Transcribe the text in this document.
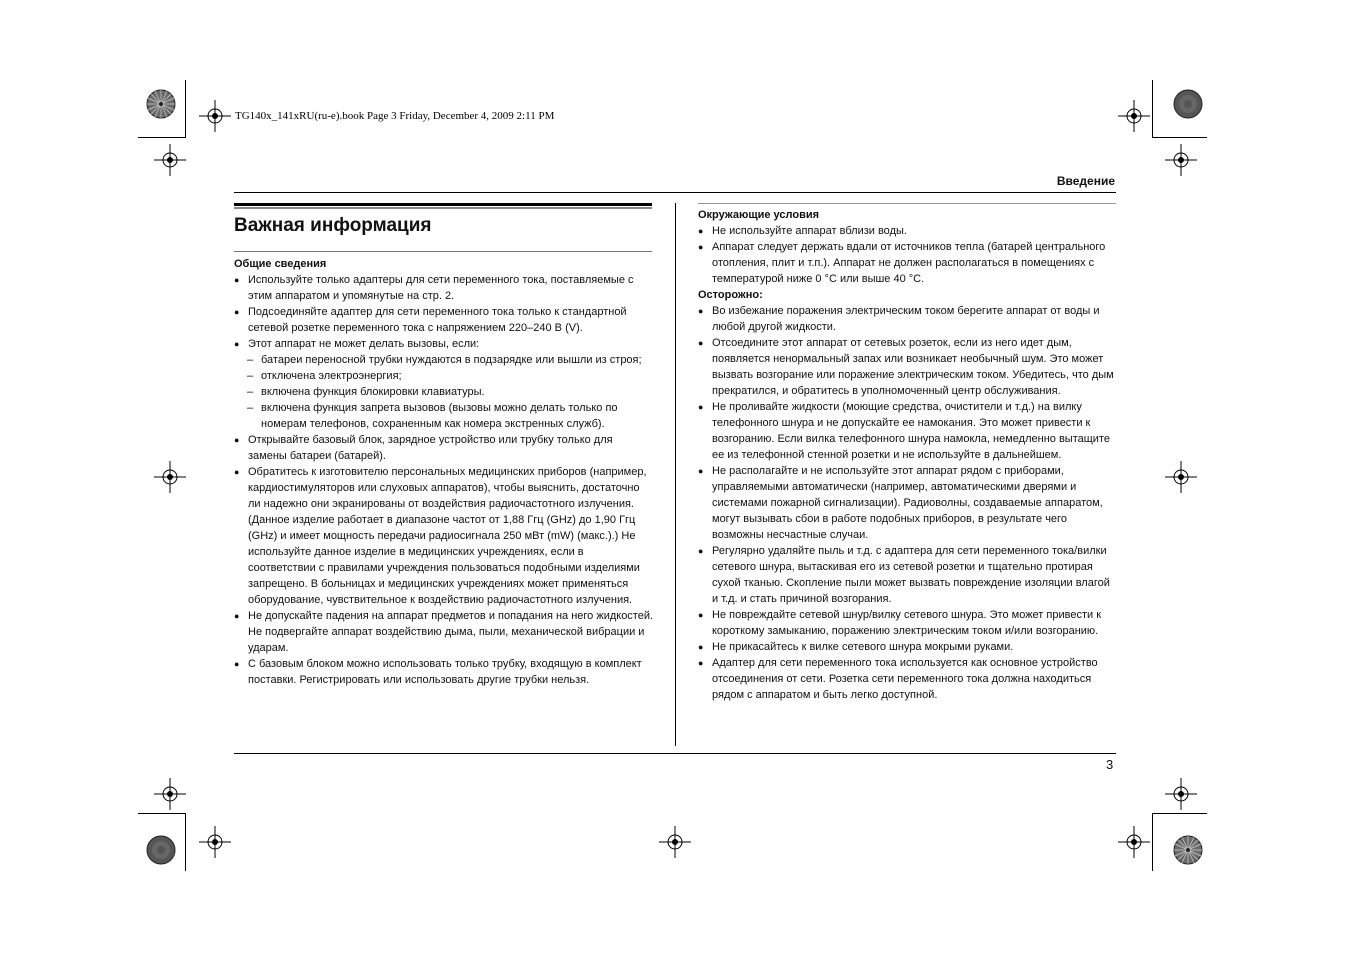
TG140x_141xRU(ru-e).book Page 3 Friday, December 4, 2009 2:11 PM
Введение
Важная информация

Общие сведения

● Используйте только адаптеры для сети переменного тока, поставляемые с этим аппаратом и упомянутые на стр. 2.
● Подсоединяйте адаптер для сети переменного тока только к стандартной сетевой розетке переменного тока с напряжением 220–240 В (V).
● Этот аппарат не может делать вызовы, если:
– батареи переносной трубки нуждаются в подзарядке или вышли из строя;
– отключена электроэнергия;
– включена функция блокировки клавиатуры.
– включена функция запрета вызовов (вызовы можно делать только по номерам телефонов, сохраненным как номера экстренных служб).
● Открывайте базовый блок, зарядное устройство или трубку только для замены батареи (батарей).
● Обратитесь к изготовителю персональных медицинских приборов (например, кардиостимуляторов или слуховых аппаратов), чтобы выяснить, достаточно ли надежно они экранированы от воздействия радиочастотного излучения. (Данное изделие работает в диапазоне частот от 1,88 Ггц (GHz) до 1,90 Ггц (GHz) и имеет мощность передачи радиосигнала 250 мВт (mW) (макс.).) Не используйте данное изделие в медицинских учреждениях, если в соответствии с правилами учреждения пользоваться подобными изделиями запрещено. В больницах и медицинских учреждениях может применяться оборудование, чувствительное к воздействию радиочастотного излучения.
● Не допускайте падения на аппарат предметов и попадания на него жидкостей. Не подвергайте аппарат воздействию дыма, пыли, механической вибрации и ударам.
● С базовым блоком можно использовать только трубку, входящую в комплект поставки. Регистрировать или использовать другие трубки нельзя.

Окружающие условия

● Не используйте аппарат вблизи воды.
● Аппарат следует держать вдали от источников тепла (батарей центрального отопления, плит и т.п.). Аппарат не должен располагаться в помещениях с температурой ниже 0 °C или выше 40 °C.

Осторожно:

● Во избежание поражения электрическим током берегите аппарат от воды и любой другой жидкости.
● Отсоедините этот аппарат от сетевых розеток, если из него идет дым, появляется ненормальный запах или возникает необычный шум. Это может вызвать возгорание или поражение электрическим током. Убедитесь, что дым прекратился, и обратитесь в уполномоченный центр обслуживания.
● Не проливайте жидкости (моющие средства, очистители и т.д.) на вилку телефонного шнура и не допускайте ее намокания. Это может привести к возгоранию. Если вилка телефонного шнура намокла, немедленно вытащите ее из телефонной стенной розетки и не используйте в дальнейшем.
● Не располагайте и не используйте этот аппарат рядом с приборами, управляемыми автоматически (например, автоматическими дверями и системами пожарной сигнализации). Радиоволны, создаваемые аппаратом, могут вызывать сбои в работе подобных приборов, в результате чего возможны несчастные случаи.
● Регулярно удаляйте пыль и т.д. с адаптера для сети переменного тока/вилки сетевого шнура, вытаскивая его из сетевой розетки и тщательно протирая сухой тканью. Скопление пыли может вызвать повреждение изоляции влагой и т.д. и стать причиной возгорания.
● Не повреждайте сетевой шнур/вилку сетевого шнура. Это может привести к короткому замыканию, поражению электрическим током и/или возгоранию.
● Не прикасайтесь к вилке сетевого шнура мокрыми руками.
● Адаптер для сети переменного тока используется как основное устройство отсоединения от сети. Розетка сети переменного тока должна находиться рядом с аппаратом и быть легко доступной.
3
